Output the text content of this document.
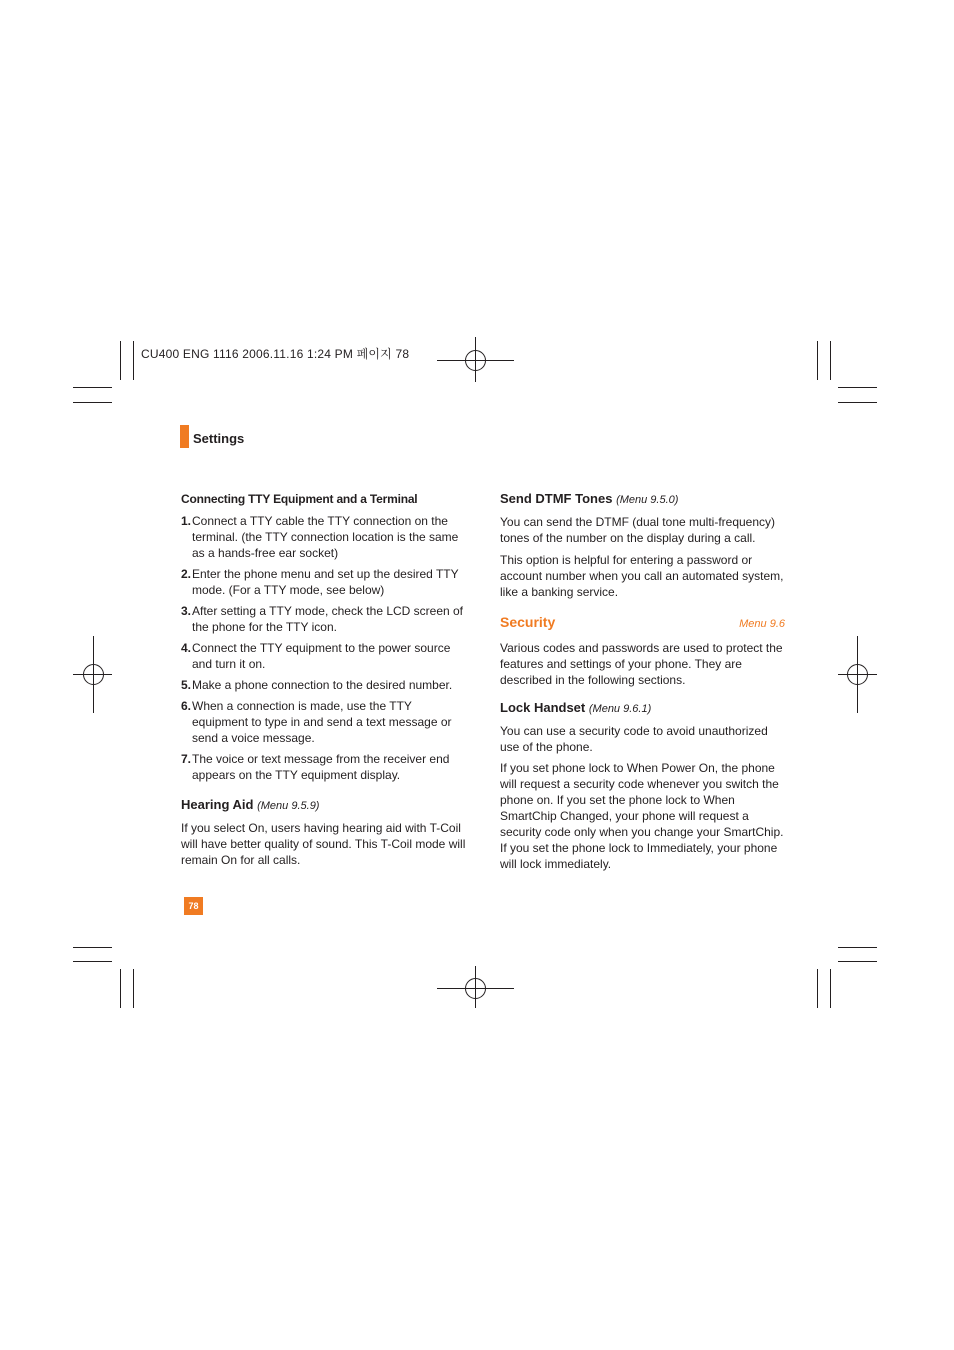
CU400 ENG 1116 2006.11.16 1:24 PM 페이지 78
Settings

Connecting TTY Equipment and a Terminal

1. Connect a TTY cable the TTY connection on the terminal. (the TTY connection location is the same as a hands-free ear socket)
2. Enter the phone menu and set up the desired TTY mode. (For a TTY mode, see below)
3. After setting a TTY mode, check the LCD screen of the phone for the TTY icon.
4. Connect the TTY equipment to the power source and turn it on.
5. Make a phone connection to the desired number.
6. When a connection is made, use the TTY equipment to type in and send a text message or send a voice message.
7. The voice or text message from the receiver end appears on the TTY equipment display.

Hearing Aid (Menu 9.5.9)

If you select On, users having hearing aid with T-Coil will have better quality of sound. This T-Coil mode will remain On for all calls.

Send DTMF Tones (Menu 9.5.0)

You can send the DTMF (dual tone multi-frequency) tones of the number on the display during a call.

This option is helpful for entering a password or account number when you call an automated system, like a banking service.

Security	Menu 9.6

Various codes and passwords are used to protect the features and settings of your phone. They are described in the following sections.

Lock Handset (Menu 9.6.1)

You can use a security code to avoid unauthorized use of the phone.

If you set phone lock to When Power On, the phone will request a security code whenever you switch the phone on. If you set the phone lock to When SmartChip Changed, your phone will request a security code only when you change your SmartChip. If you set the phone lock to Immediately, your phone will lock immediately.

78
